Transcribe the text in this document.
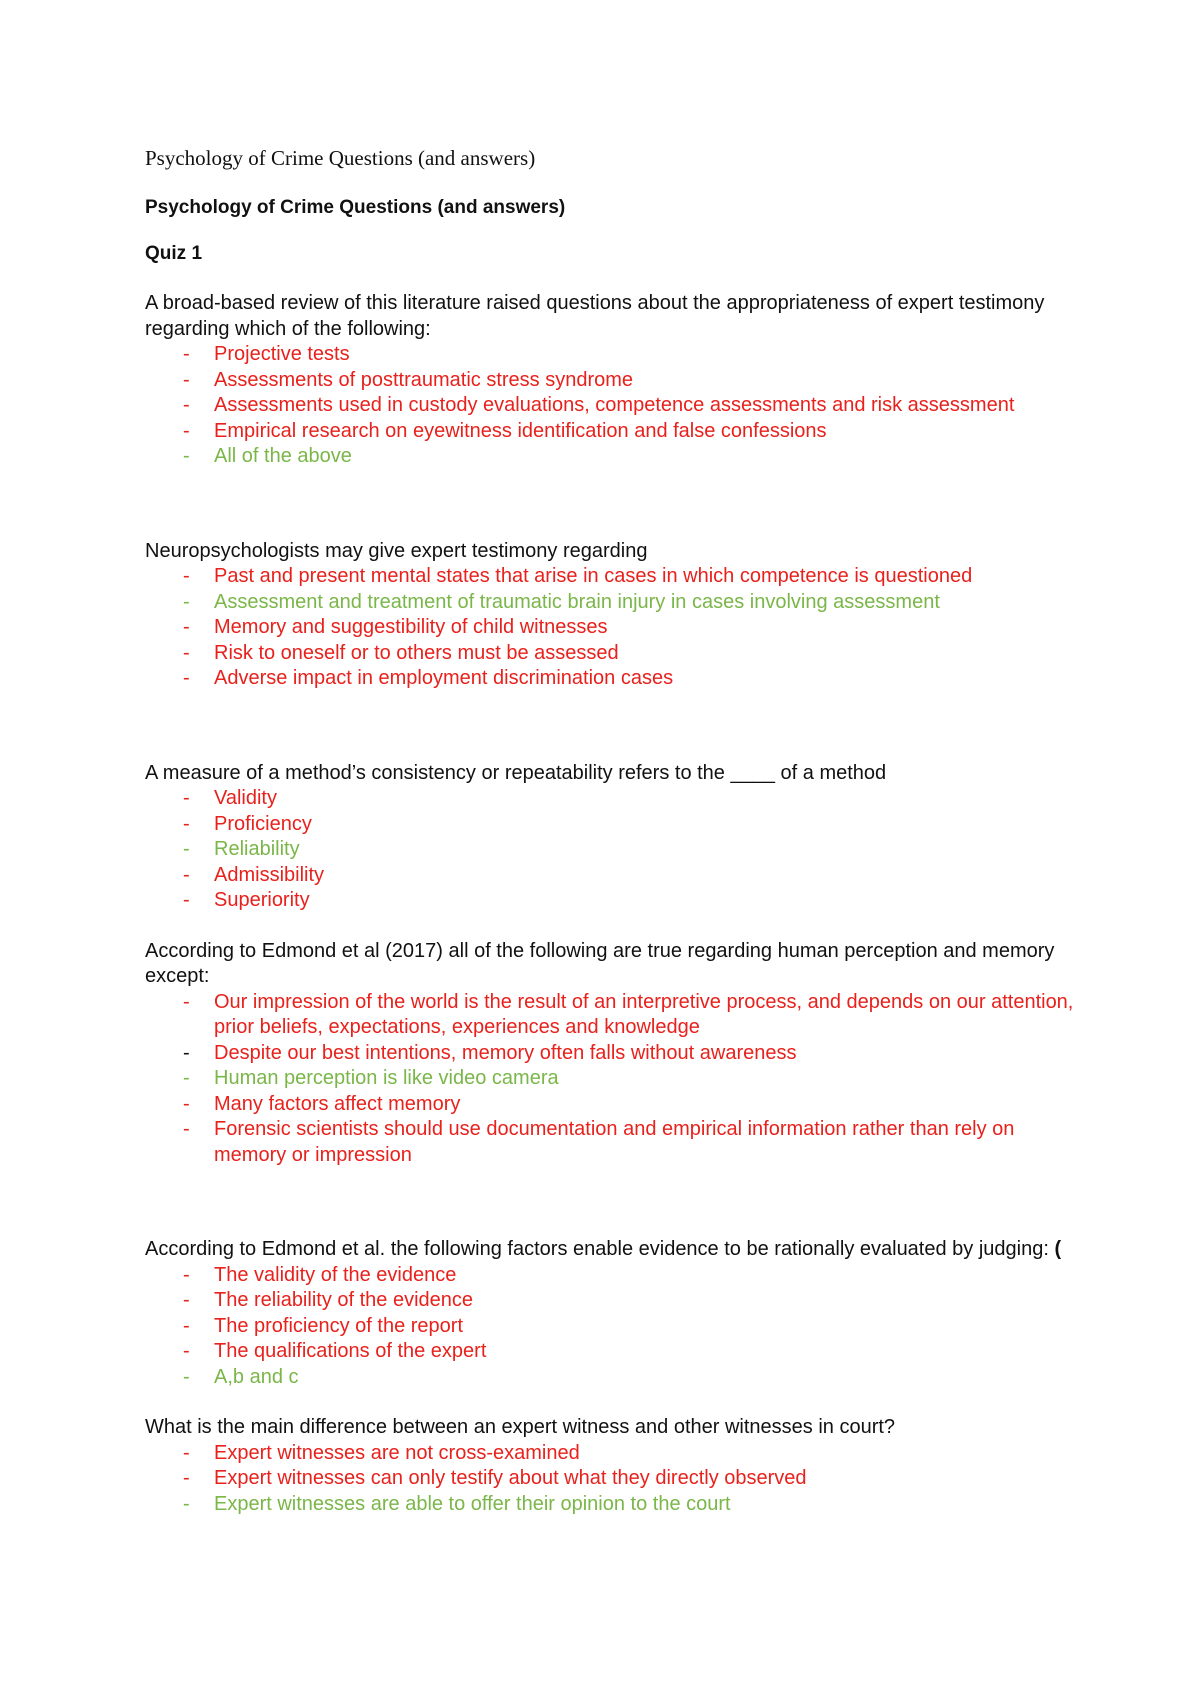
Psychology of Crime Questions (and answers)
Psychology of Crime Questions (and answers)
Quiz 1

A broad-based review of this literature raised questions about the appropriateness of expert testimony regarding which of the following:

- Projective tests
- Assessments of posttraumatic stress syndrome
- Assessments used in custody evaluations, competence assessments and risk assessment
- Empirical research on eyewitness identification and false confessions
- All of the above

Neuropsychologists may give expert testimony regarding

- Past and present mental states that arise in cases in which competence is questioned
- Assessment and treatment of traumatic brain injury in cases involving assessment
- Memory and suggestibility of child witnesses
- Risk to oneself or to others must be assessed
- Adverse impact in employment discrimination cases

A measure of a method’s consistency or repeatability refers to the ____ of a method

- Validity
- Proficiency
- Reliability
- Admissibility
- Superiority

According to Edmond et al (2017) all of the following are true regarding human perception and memory except:

- Our impression of the world is the result of an interpretive process, and depends on our attention, prior beliefs, expectations, experiences and knowledge
- Despite our best intentions, memory often falls without awareness
- Human perception is like video camera
- Many factors affect memory
- Forensic scientists should use documentation and empirical information rather than rely on memory or impression

According to Edmond et al. the following factors enable evidence to be rationally evaluated by judging: (

- The validity of the evidence
- The reliability of the evidence
- The proficiency of the report
- The qualifications of the expert
- A,b and c

What is the main difference between an expert witness and other witnesses in court?

- Expert witnesses are not cross-examined
- Expert witnesses can only testify about what they directly observed
- Expert witnesses are able to offer their opinion to the court
